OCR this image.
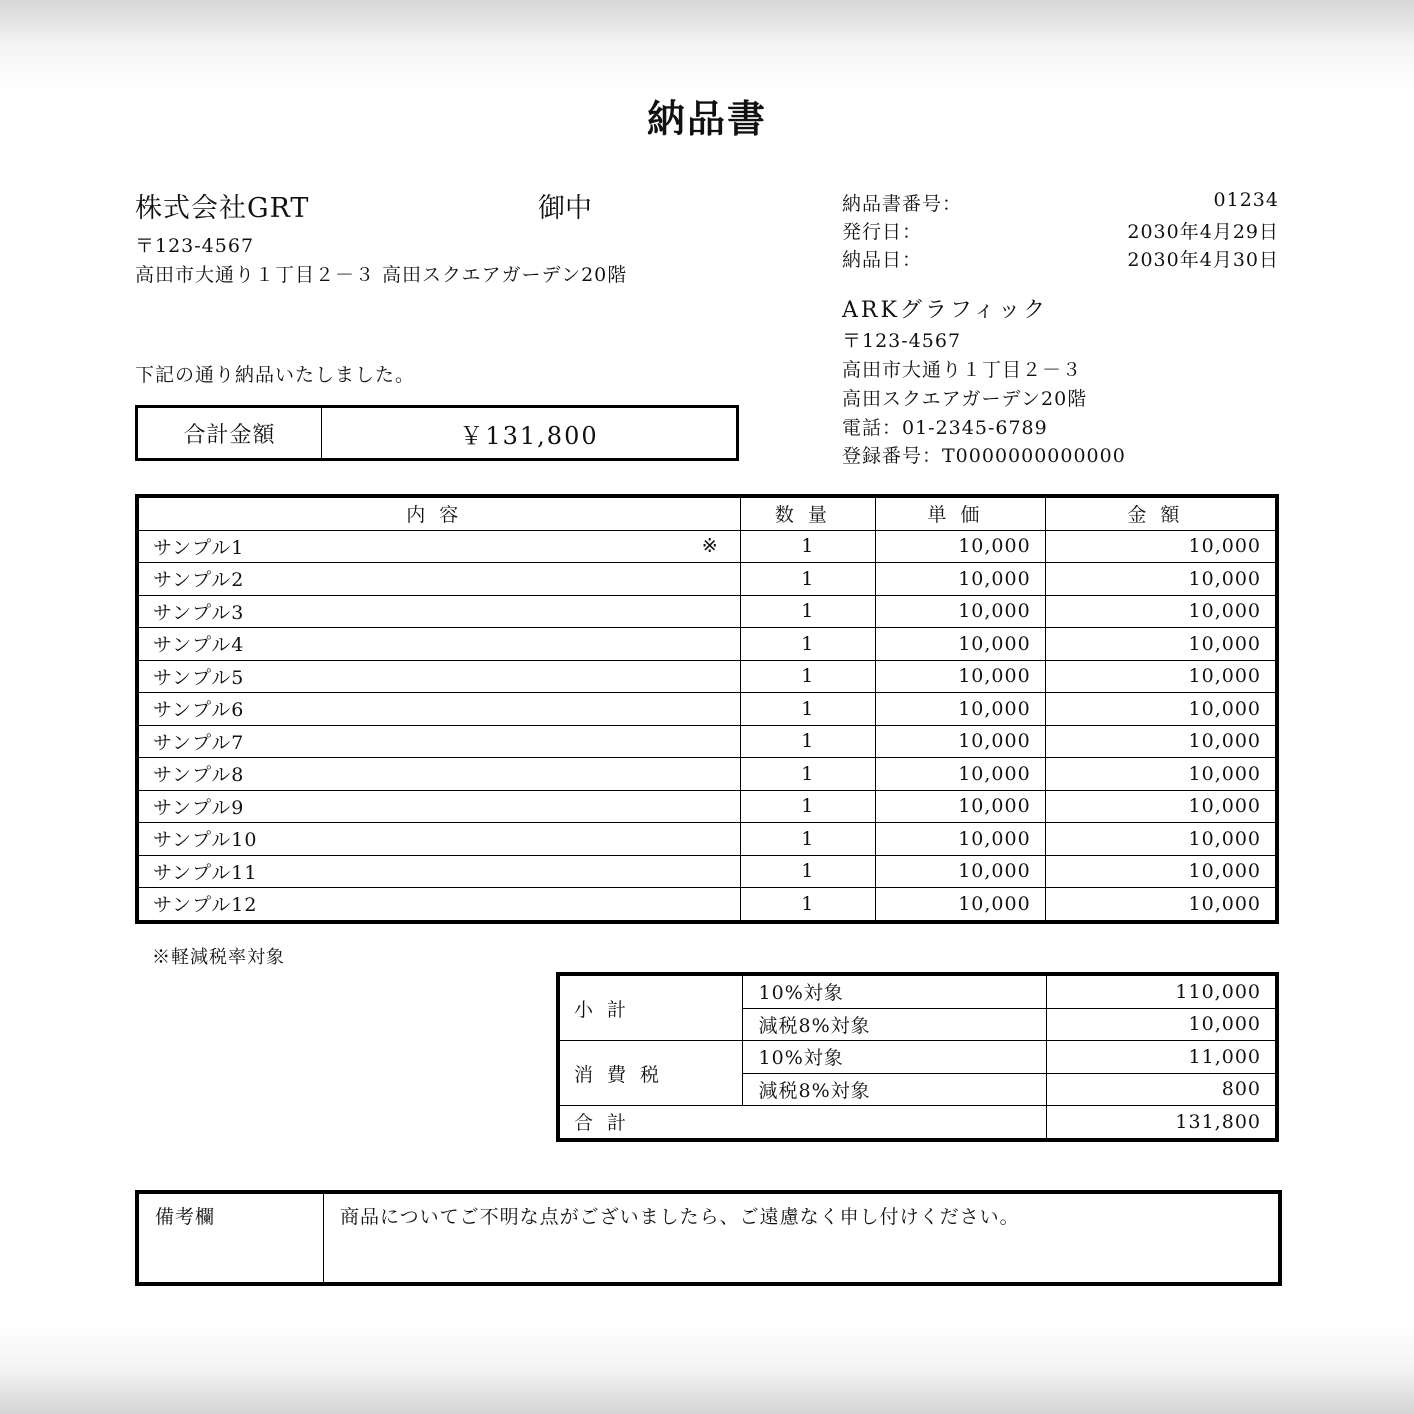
納品書
株式会社GRT	御中
〒123-4567
高田市大通り１丁目２－３ 高田スクエアガーデン20階
納品書番号：	01234
発行日：	2030年4月29日
納品日：	2030年4月30日
ARKグラフィック
〒123-4567
高田市大通り１丁目２－３
高田スクエアガーデン20階
電話：01-2345-6789
登録番号：T0000000000000
下記の通り納品いたしました。
合計金額	￥131,800
内容	数量	単価	金額
サンプル1 ※	1	10,000	10,000
サンプル2	1	10,000	10,000
サンプル3	1	10,000	10,000
サンプル4	1	10,000	10,000
サンプル5	1	10,000	10,000
サンプル6	1	10,000	10,000
サンプル7	1	10,000	10,000
サンプル8	1	10,000	10,000
サンプル9	1	10,000	10,000
サンプル10	1	10,000	10,000
サンプル11	1	10,000	10,000
サンプル12	1	10,000	10,000
※軽減税率対象
小計	10%対象	110,000
	減税8%対象	10,000
消費税	10%対象	11,000
	減税8%対象	800
合計		131,800
備考欄	商品についてご不明な点がございましたら、ご遠慮なく申し付けください。
